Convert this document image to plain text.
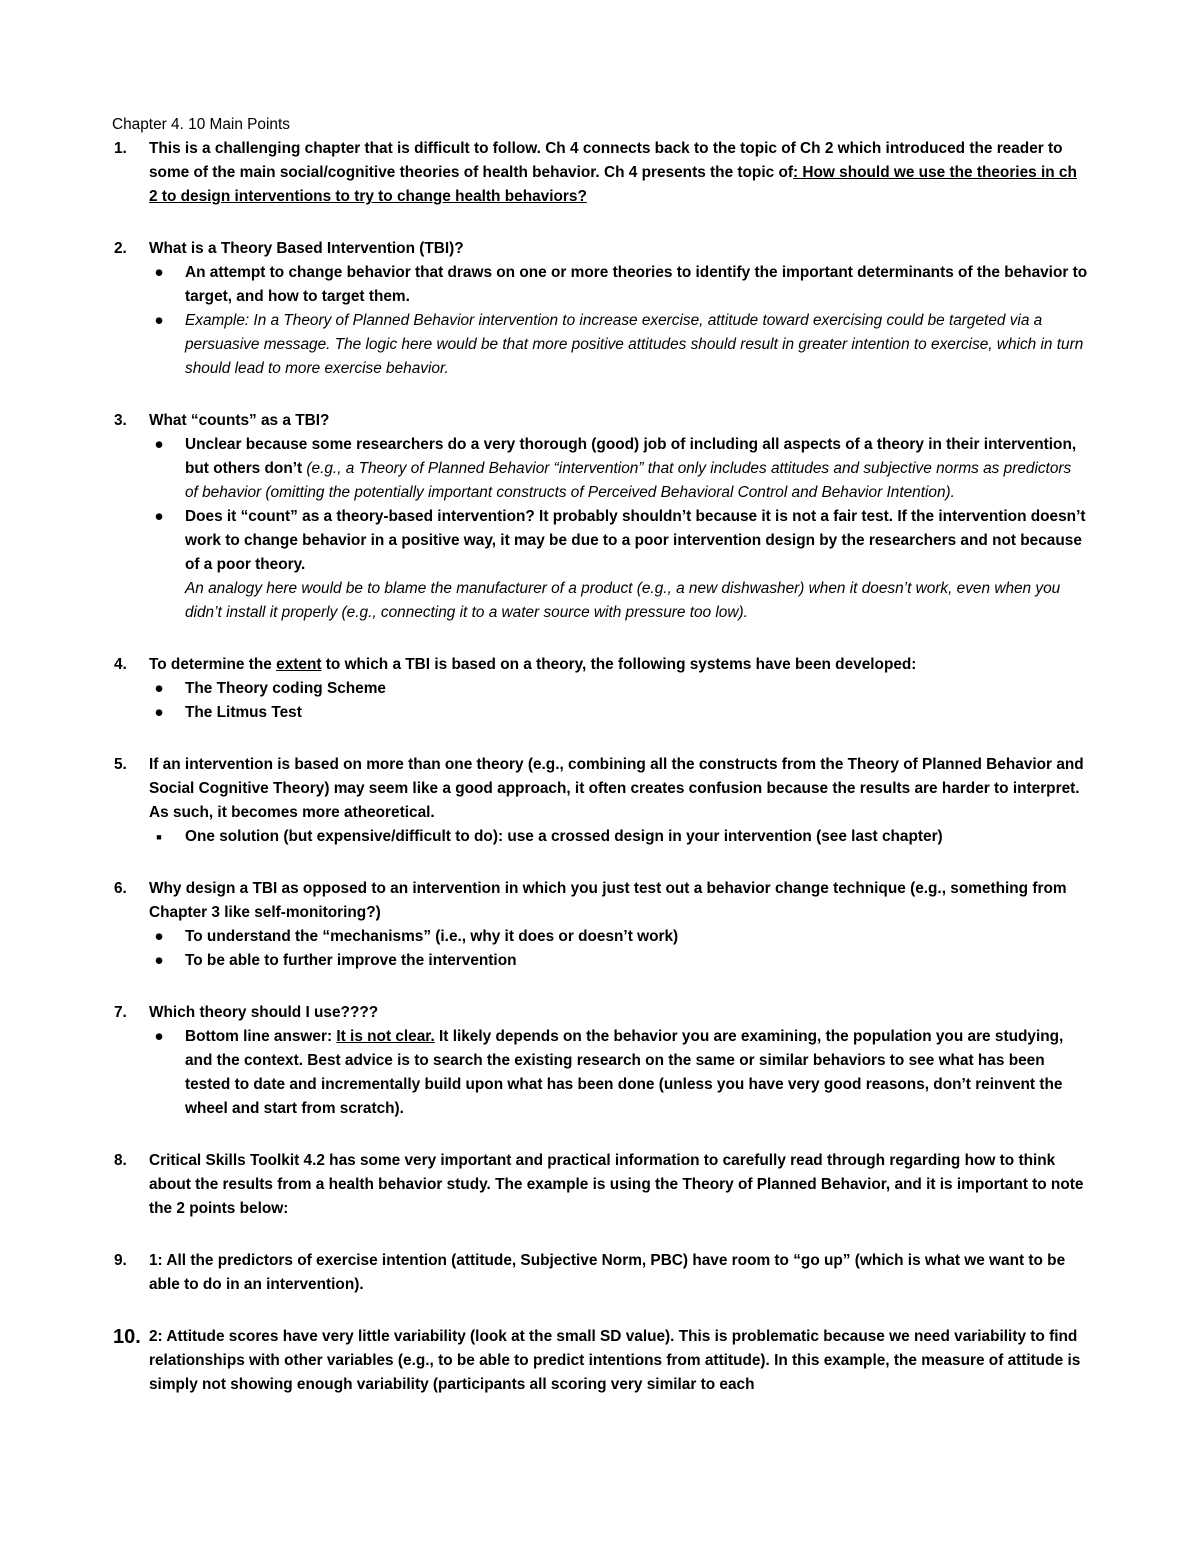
Chapter 4. 10 Main Points

1. This is a challenging chapter that is difficult to follow. Ch 4 connects back to the topic of Ch 2 which introduced the reader to some of the main social/cognitive theories of health behavior. Ch 4 presents the topic of: How should we use the theories in ch 2 to design interventions to try to change health behaviors?
2. What is a Theory Based Intervention (TBI)?
●	An attempt to change behavior that draws on one or more theories to identify the important determinants of the behavior to target, and how to target them.
●	Example: In a Theory of Planned Behavior intervention to increase exercise, attitude toward exercising could be targeted via a persuasive message. The logic here would be that more positive attitudes should result in greater intention to exercise, which in turn should lead to more exercise behavior.
3. What “counts” as a TBI?
●	Unclear because some researchers do a very thorough (good) job of including all aspects of a theory in their intervention, but others don’t (e.g., a Theory of Planned Behavior “intervention” that only includes attitudes and subjective norms as predictors of behavior (omitting the potentially important constructs of Perceived Behavioral Control and Behavior Intention).
●	Does it “count” as a theory-based intervention? It probably shouldn’t because it is not a fair test. If the intervention doesn’t work to change behavior in a positive way, it may be due to a poor intervention design by the researchers and not because of a poor theory.
An analogy here would be to blame the manufacturer of a product (e.g., a new dishwasher) when it doesn’t work, even when you didn’t install it properly (e.g., connecting it to a water source with pressure too low).
4. To determine the extent to which a TBI is based on a theory, the following systems have been developed:
●	The Theory coding Scheme
●	The Litmus Test
5. If an intervention is based on more than one theory (e.g., combining all the constructs from the Theory of Planned Behavior and Social Cognitive Theory) may seem like a good approach, it often creates confusion because the results are harder to interpret. As such, it becomes more atheoretical.
■	One solution (but expensive/difficult to do): use a crossed design in your intervention (see last chapter)
6. Why design a TBI as opposed to an intervention in which you just test out a behavior change technique (e.g., something from Chapter 3 like self-monitoring?)
●	To understand the “mechanisms” (i.e., why it does or doesn’t work)
●	To be able to further improve the intervention
7. Which theory should I use????
●	Bottom line answer: It is not clear. It likely depends on the behavior you are examining, the population you are studying, and the context. Best advice is to search the existing research on the same or similar behaviors to see what has been tested to date and incrementally build upon what has been done (unless you have very good reasons, don’t reinvent the wheel and start from scratch).
8. Critical Skills Toolkit 4.2 has some very important and practical information to carefully read through regarding how to think about the results from a health behavior study. The example is using the Theory of Planned Behavior, and it is important to note the 2 points below:
9. 1: All the predictors of exercise intention (attitude, Subjective Norm, PBC) have room to “go up” (which is what we want to be able to do in an intervention).
10. 2: Attitude scores have very little variability (look at the small SD value). This is problematic because we need variability to find relationships with other variables (e.g., to be able to predict intentions from attitude). In this example, the measure of attitude is simply not showing enough variability (participants all scoring very similar to each
